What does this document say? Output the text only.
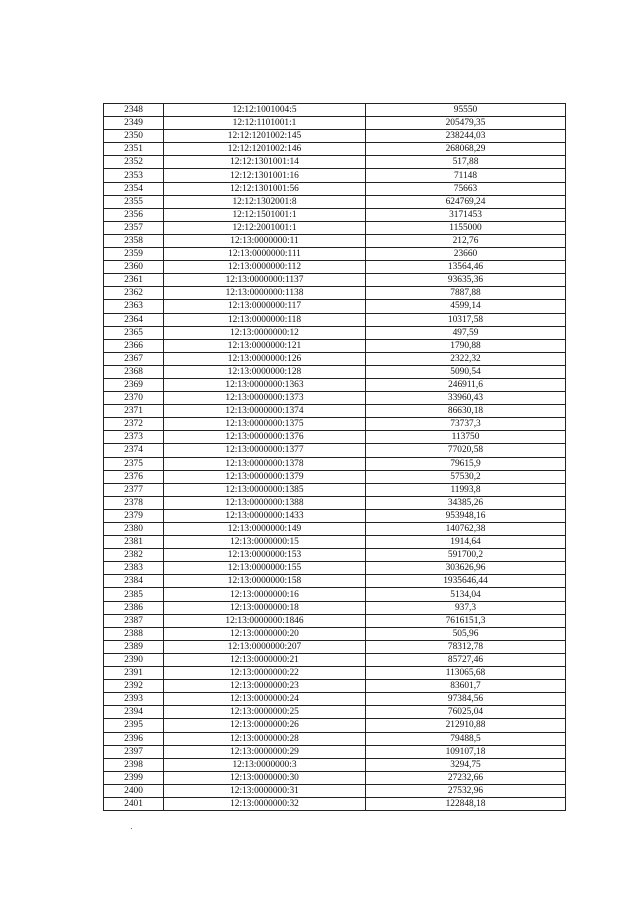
2348	12:12:1001004:5	95550
2349	12:12:1101001:1	205479,35
2350	12:12:1201002:145	238244,03
2351	12:12:1201002:146	268068,29
2352	12:12:1301001:14	517,88
2353	12:12:1301001:16	71148
2354	12:12:1301001:56	75663
2355	12:12:1302001:8	624769,24
2356	12:12:1501001:1	3171453
2357	12:12:2001001:1	1155000
2358	12:13:0000000:11	212,76
2359	12:13:0000000:111	23660
2360	12:13:0000000:112	13564,46
2361	12:13:0000000:1137	93635,36
2362	12:13:0000000:1138	7887,88
2363	12:13:0000000:117	4599,14
2364	12:13:0000000:118	10317,58
2365	12:13:0000000:12	497,59
2366	12:13:0000000:121	1790,88
2367	12:13:0000000:126	2322,32
2368	12:13:0000000:128	5090,54
2369	12:13:0000000:1363	246911,6
2370	12:13:0000000:1373	33960,43
2371	12:13:0000000:1374	86630,18
2372	12:13:0000000:1375	73737,3
2373	12:13:0000000:1376	113750
2374	12:13:0000000:1377	77020,58
2375	12:13:0000000:1378	79615,9
2376	12:13:0000000:1379	57530,2
2377	12:13:0000000:1385	11993,8
2378	12:13:0000000:1388	34385,26
2379	12:13:0000000:1433	953948,16
2380	12:13:0000000:149	140762,38
2381	12:13:0000000:15	1914,64
2382	12:13:0000000:153	591700,2
2383	12:13:0000000:155	303626,96
2384	12:13:0000000:158	1935646,44
2385	12:13:0000000:16	5134,04
2386	12:13:0000000:18	937,3
2387	12:13:0000000:1846	7616151,3
2388	12:13:0000000:20	505,96
2389	12:13:0000000:207	78312,78
2390	12:13:0000000:21	85727,46
2391	12:13:0000000:22	113065,68
2392	12:13:0000000:23	83601,7
2393	12:13:0000000:24	97384,56
2394	12:13:0000000:25	76025,04
2395	12:13:0000000:26	212910,88
2396	12:13:0000000:28	79488,5
2397	12:13:0000000:29	109107,18
2398	12:13:0000000:3	3294,75
2399	12:13:0000000:30	27232,66
2400	12:13:0000000:31	27532,96
2401	12:13:0000000:32	122848,18
